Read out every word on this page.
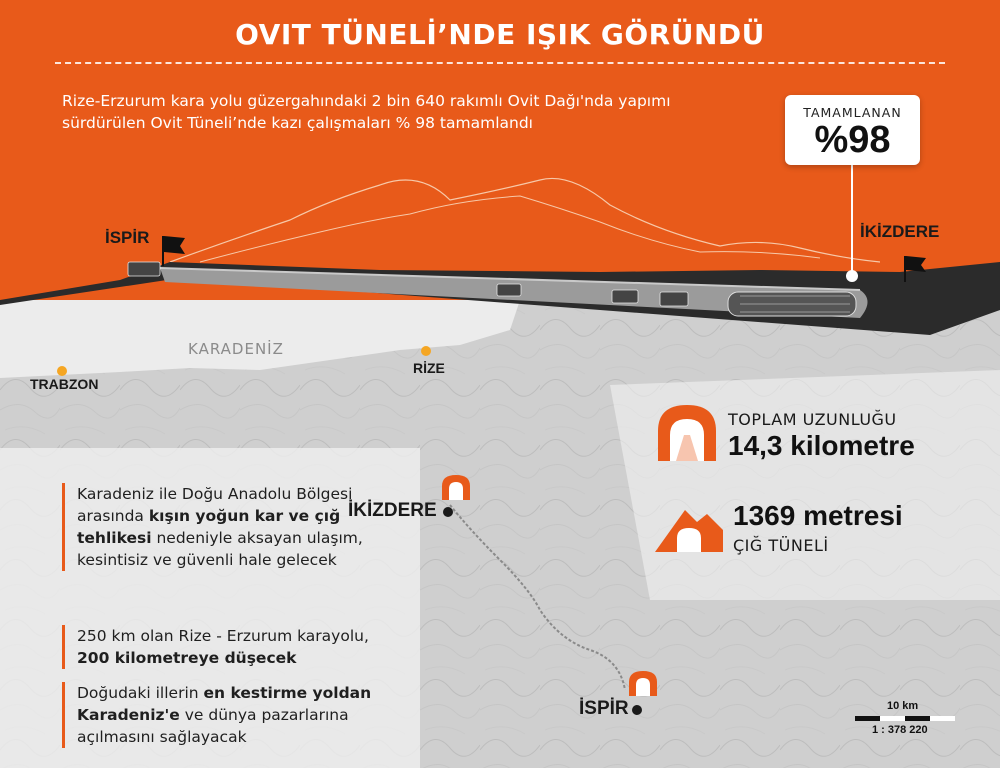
OVIT TÜNELİ’NDE IŞIK GÖRÜNDÜ
Rize-Erzurum kara yolu güzergahındaki 2 bin 640 rakımlı Ovit Dağı'nda yapımı sürdürülen Ovit Tüneli’nde kazı çalışmaları % 98 tamamlandı
TAMAMLANAN
%98
İSPİR	İKİZDERE
KARADENİZ
TRABZON
RİZE
İKİZDERE
İSPİR
TOPLAM UZUNLUĞU
14,3 kilometre
1369 metresi
ÇIĞ TÜNELİ
Karadeniz ile Doğu Anadolu Bölgesi arasında kışın yoğun kar ve çığ tehlikesi nedeniyle aksayan ulaşım, kesintisiz ve güvenli hale gelecek
250 km olan Rize - Erzurum karayolu, 200 kilometreye düşecek
Doğudaki illerin en kestirme yoldan Karadeniz'e ve dünya pazarlarına açılmasını sağlayacak
10 km
1 : 378 220
